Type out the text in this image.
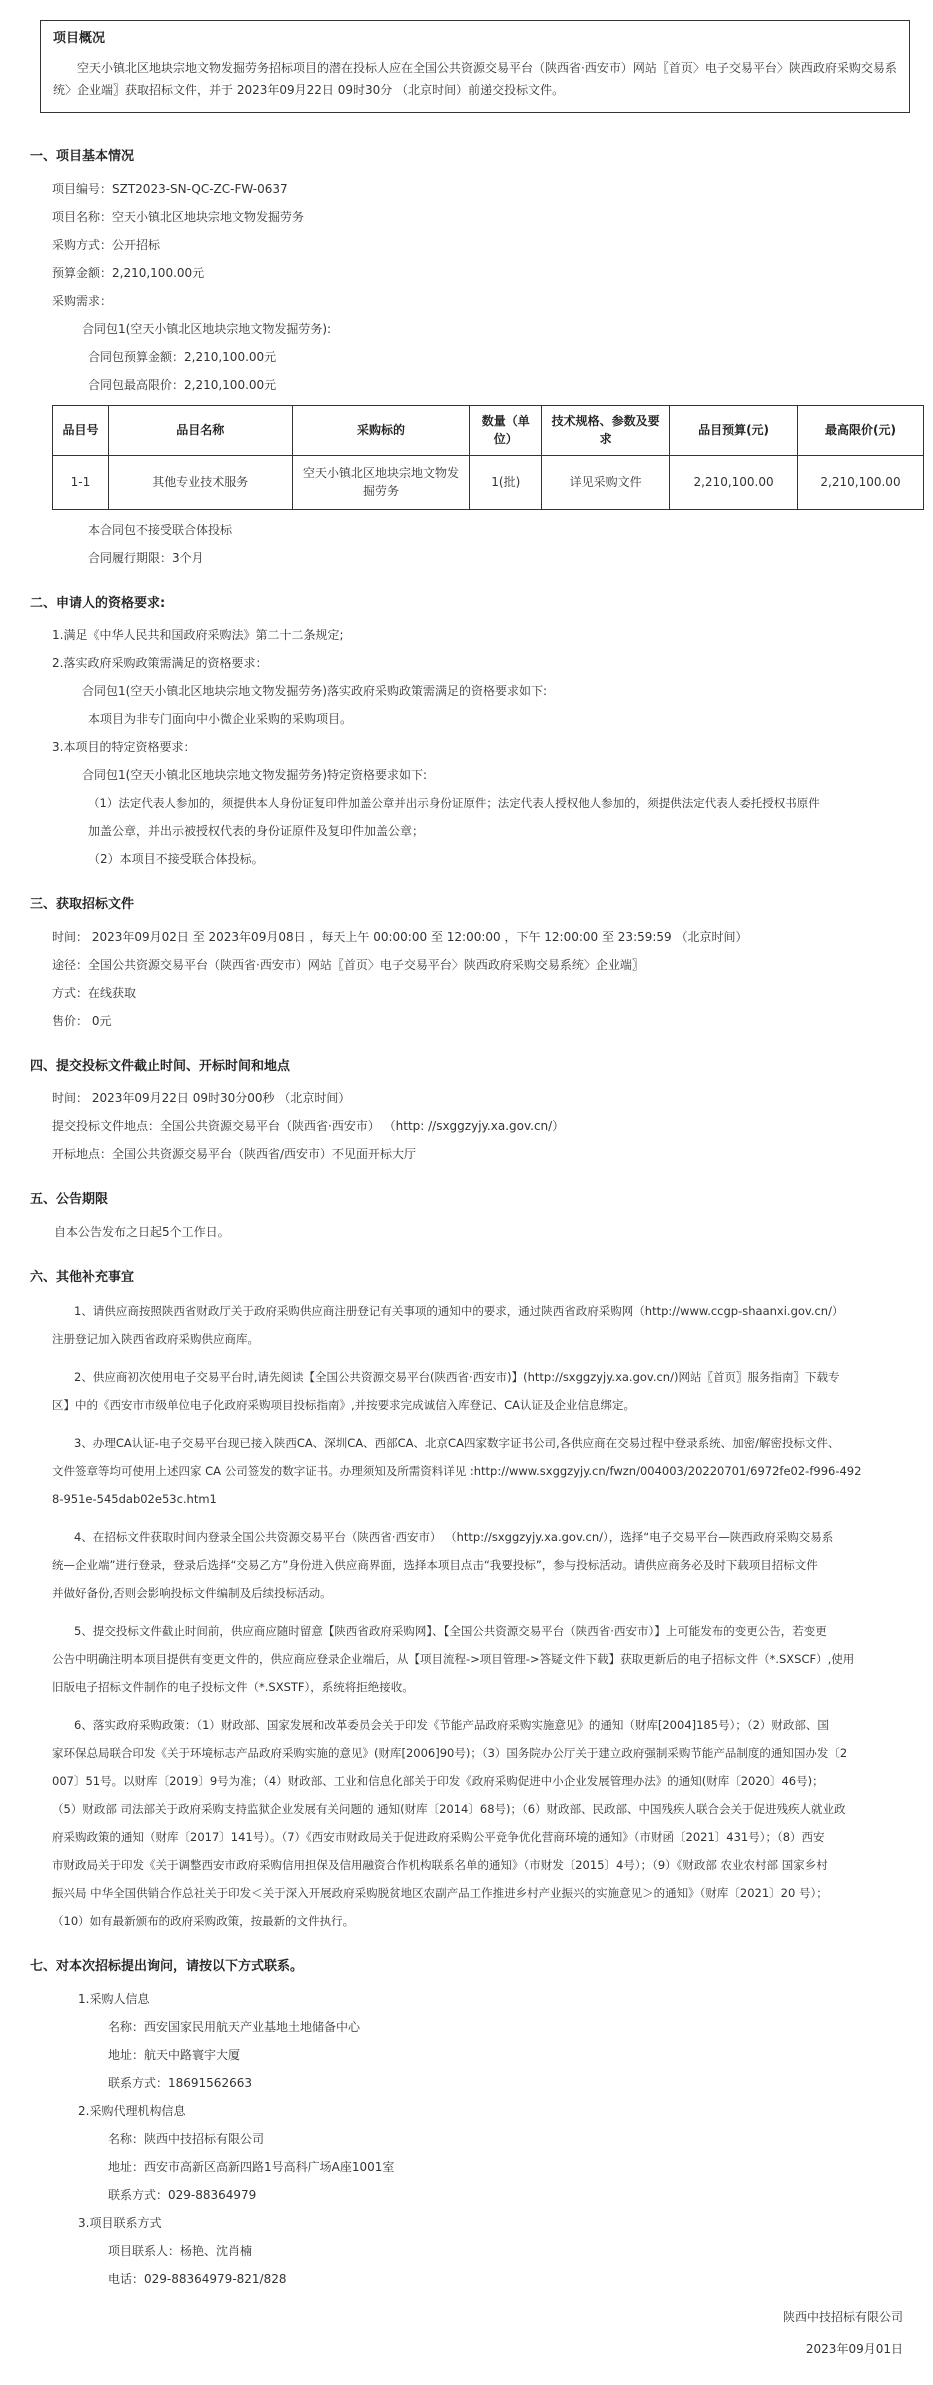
项目概况
空天小镇北区地块宗地文物发掘劳务招标项目的潜在投标人应在全国公共资源交易平台（陕西省·西安市）网站〖首页〉电子交易平台〉陕西政府采购交易系统〉企业端〗获取招标文件，并于 2023年09月22日 09时30分 （北京时间）前递交投标文件。
一、项目基本情况
项目编号：SZT2023-SN-QC-ZC-FW-0637
项目名称：空天小镇北区地块宗地文物发掘劳务
采购方式：公开招标
预算金额：2,210,100.00元
采购需求：
合同包1(空天小镇北区地块宗地文物发掘劳务):
合同包预算金额：2,210,100.00元
合同包最高限价：2,210,100.00元
品目号	品目名称	采购标的	数量（单位）	技术规格、参数及要求	品目预算(元)	最高限价(元)
1-1	其他专业技术服务	空天小镇北区地块宗地文物发掘劳务	1(批)	详见采购文件	2,210,100.00	2,210,100.00
本合同包不接受联合体投标
合同履行期限：3个月
二、申请人的资格要求:
1.满足《中华人民共和国政府采购法》第二十二条规定;
2.落实政府采购政策需满足的资格要求：
合同包1(空天小镇北区地块宗地文物发掘劳务)落实政府采购政策需满足的资格要求如下:
本项目为非专门面向中小微企业采购的采购项目。
3.本项目的特定资格要求：
合同包1(空天小镇北区地块宗地文物发掘劳务)特定资格要求如下:
（1）法定代表人参加的，须提供本人身份证复印件加盖公章并出示身份证原件；法定代表人授权他人参加的，须提供法定代表人委托授权书原件
加盖公章，并出示被授权代表的身份证原件及复印件加盖公章；
（2）本项目不接受联合体投标。
三、获取招标文件
时间： 2023年09月02日 至 2023年09月08日 ，每天上午 00:00:00 至 12:00:00 ，下午 12:00:00 至 23:59:59 （北京时间）
途径：全国公共资源交易平台（陕西省·西安市）网站〖首页〉电子交易平台〉陕西政府采购交易系统〉企业端〗
方式：在线获取
售价： 0元
四、提交投标文件截止时间、开标时间和地点
时间： 2023年09月22日 09时30分00秒 （北京时间）
提交投标文件地点：全国公共资源交易平台（陕西省·西安市） （http: //sxggzyjy.xa.gov.cn/）
开标地点：全国公共资源交易平台（陕西省/西安市）不见面开标大厅
五、公告期限
自本公告发布之日起5个工作日。
六、其他补充事宜
1、请供应商按照陕西省财政厅关于政府采购供应商注册登记有关事项的通知中的要求，通过陕西省政府采购网（http://www.ccgp-shaanxi.gov.cn/）
注册登记加入陕西省政府采购供应商库。
2、供应商初次使用电子交易平台时,请先阅读【全国公共资源交易平台(陕西省·西安市)】(http://sxggzyjy.xa.gov.cn/)网站〖首页〗服务指南〗下载专
区】中的《西安市市级单位电子化政府采购项目投标指南》,并按要求完成诚信入库登记、CA认证及企业信息绑定。
3、办理CA认证-电子交易平台现已接入陕西CA、深圳CA、西部CA、北京CA四家数字证书公司,各供应商在交易过程中登录系统、加密/解密投标文件、
文件签章等均可使用上述四家 CA 公司签发的数字证书。办理须知及所需资料详见 :http://www.sxggzyjy.cn/fwzn/004003/20220701/6972fe02-f996-492
8-951e-545dab02e53c.htm1
4、在招标文件获取时间内登录全国公共资源交易平台（陕西省·西安市） （http://sxggzyjy.xa.gov.cn/），选择“电子交易平台—陕西政府采购交易系
统—企业端”进行登录，登录后选择“交易乙方”身份进入供应商界面，选择本项目点击“我要投标”，参与投标活动。请供应商务必及时下载项目招标文件
并做好备份,否则会影响投标文件编制及后续投标活动。
5、提交投标文件截止时间前，供应商应随时留意【陕西省政府采购网】、【全国公共资源交易平台（陕西省·西安市）】上可能发布的变更公告，若变更
公告中明确注明本项目提供有变更文件的，供应商应登录企业端后，从【项目流程->项目管理->答疑文件下载】获取更新后的电子招标文件（*.SXSCF）,使用
旧版电子招标文件制作的电子投标文件（*.SXSTF），系统将拒绝接收。
6、落实政府采购政策：（1）财政部、国家发展和改革委员会关于印发《节能产品政府采购实施意见》的通知（财库[2004]185号）；（2）财政部、国
家环保总局联合印发《关于环境标志产品政府采购实施的意见》(财库[2006]90号)；（3）国务院办公厅关于建立政府强制采购节能产品制度的通知国办发〔2
007〕51号。以财库〔2019〕9号为准；（4）财政部、工业和信息化部关于印发《政府采购促进中小企业发展管理办法》的通知(财库〔2020〕46号)；
（5）财政部 司法部关于政府采购支持监狱企业发展有关问题的 通知(财库〔2014〕68号)；（6）财政部、民政部、中国残疾人联合会关于促进残疾人就业政
府采购政策的通知（财库〔2017〕141号）。（7）《西安市财政局关于促进政府采购公平竞争优化营商环境的通知》（市财函〔2021〕431号）；（8）西安
市财政局关于印发《关于调整西安市政府采购信用担保及信用融资合作机构联系名单的通知》（市财发〔2015〕4号）；（9）《财政部 农业农村部 国家乡村
振兴局 中华全国供销合作总社关于印发＜关于深入开展政府采购脱贫地区农副产品工作推进乡村产业振兴的实施意见＞的通知》（财库〔2021〕20 号）；
（10）如有最新颁布的政府采购政策，按最新的文件执行。
七、对本次招标提出询问，请按以下方式联系。
1.采购人信息
名称：西安国家民用航天产业基地土地储备中心
地址：航天中路寰宇大厦
联系方式：18691562663
2.采购代理机构信息
名称：陕西中技招标有限公司
地址：西安市高新区高新四路1号高科广场A座1001室
联系方式：029-88364979
3.项目联系方式
项目联系人：杨艳、沈肖楠
电话：029-88364979-821/828
陕西中技招标有限公司
2023年09月01日
